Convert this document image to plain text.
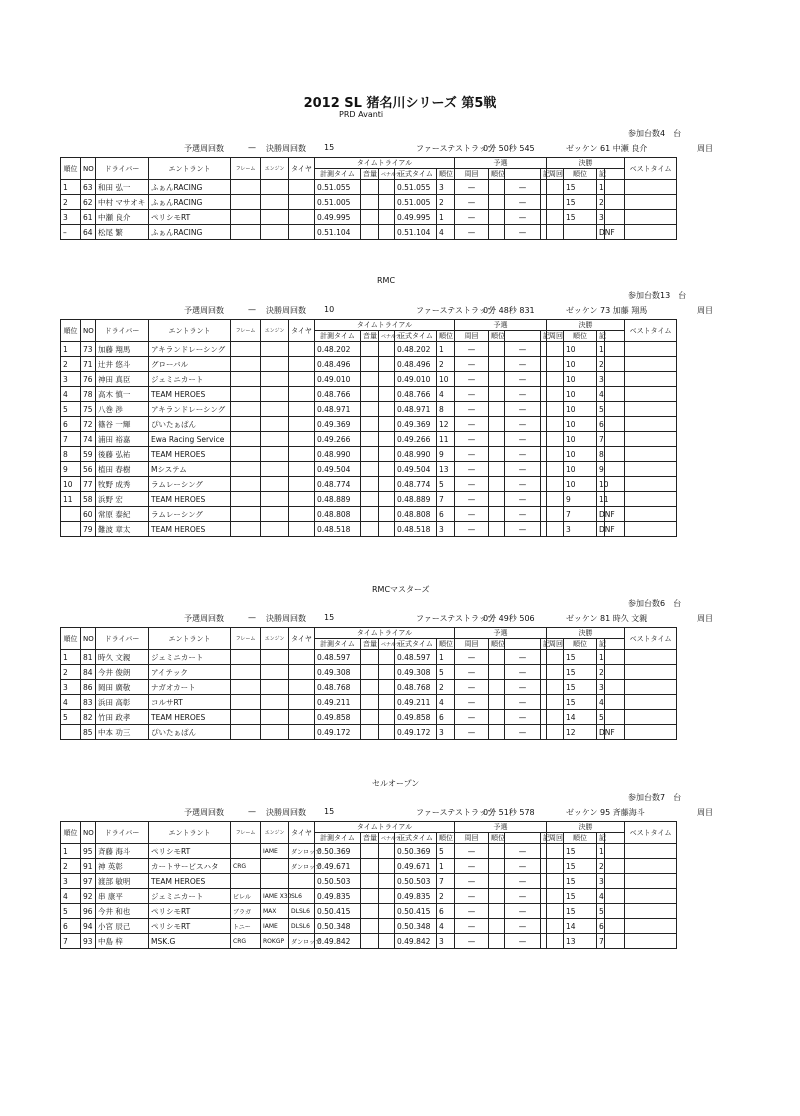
2012 SL 猪名川シリーズ 第5戦
PRD Avanti
参加台数4　台
予選周回数	— 決勝周回数 15	ファーステストラップ
0分 50秒 545	ゼッケン 61 中瀬 良介	周目
順位	NO	ドライバー	エントラント	フレーム	エンジン	タイヤ	タイムトライアル					予選				決勝				ベストタイム
							計測タイム	音量	ペナルティ	正式タイム	順位	周回	順位		記	周回	順位	記		
1	63	和田 弘一	ふぁんRACING				0.51.055			0.51.055	3	—		—			15	1		
2	62	中村 マサオキ	ふぁんRACING				0.51.005			0.51.005	2	—		—			15	2		
3	61	中瀬 良介	ペリシモRT				0.49.995			0.49.995	1	—		—			15	3		
–	64	松尾 繁	ふぁんRACING				0.51.104			0.51.104	4	—		—				DNF		
RMC
参加台数13　台
予選周回数	— 決勝周回数 10	ファーステストラップ
0分 48秒 831	ゼッケン 73 加藤 翔馬	周目
順位	NO	ドライバー	エントラント	フレーム	エンジン	タイヤ	タイムトライアル					予選				決勝				ベストタイム
							計測タイム	音量	ペナルティ	正式タイム	順位	周回	順位		記	周回	順位	記		
1	73	加藤 翔馬	アキランドレーシング				0.48.202			0.48.202	1	—		—			10	1		
2	71	辻井 悠斗	グローバル				0.48.496			0.48.496	2	—		—			10	2		
3	76	神田 真臣	ジェミニカート				0.49.010			0.49.010	10	—		—			10	3		
4	78	高木 慎一	TEAM HEROES				0.48.766			0.48.766	4	—		—			10	4		
5	75	八巻 渉	アキランドレーシング				0.48.971			0.48.971	8	—		—			10	5		
6	72	篠谷 一輝	ぴいたぁぱん				0.49.369			0.49.369	12	—		—			10	6		
7	74	浦田 裕嘉	Ewa Racing Service				0.49.266			0.49.266	11	—		—			10	7		
8	59	後藤 弘祐	TEAM HEROES				0.48.990			0.48.990	9	—		—			10	8		
9	56	植田 春樹	Mシステム				0.49.504			0.49.504	13	—		—			10	9		
10	77	牧野 成秀	ラムレーシング				0.48.774			0.48.774	5	—		—			10	10		
11	58	浜野 宏	TEAM HEROES				0.48.889			0.48.889	7	—		—			9	11		
	60	常原 泰紀	ラムレーシング				0.48.808			0.48.808	6	—		—			7	DNF		
	79	難波 章太	TEAM HEROES				0.48.518			0.48.518	3	—		—			3	DNF		
RMCマスターズ
参加台数6　台
予選周回数	— 決勝周回数 15	ファーステストラップ
0分 49秒 506	ゼッケン 81 時久 文親	周目
順位	NO	ドライバー	エントラント	フレーム	エンジン	タイヤ	タイムトライアル					予選				決勝				ベストタイム
							計測タイム	音量	ペナルティ	正式タイム	順位	周回	順位		記	周回	順位	記		
1	81	時久 文親	ジェミニカート				0.48.597			0.48.597	1	—		—			15	1		
2	84	今井 俊朗	アイテック				0.49.308			0.49.308	5	—		—			15	2		
3	86	岡田 廣敬	ナガオカート				0.48.768			0.48.768	2	—		—			15	3		
4	83	浜田 高彰	コルサRT				0.49.211			0.49.211	4	—		—			15	4		
5	82	竹田 政孝	TEAM HEROES				0.49.858			0.49.858	6	—		—			14	5		
	85	中本 功三	ぴいたぁぱん				0.49.172			0.49.172	3	—		—			12	DNF		
セルオープン
参加台数7　台
予選周回数	— 決勝周回数 15	ファーステストラップ
0分 51秒 578	ゼッケン 95 斉藤海斗	周目
順位	NO	ドライバー	エントラント	フレーム	エンジン	タイヤ	タイムトライアル					予選				決勝				ベストタイム
							計測タイム	音量	ペナルティ	正式タイム	順位	周回	順位		記	周回	順位	記		
1	95	斉藤 海斗	ペリシモRT		IAME	ダンロップ	0.50.369			0.50.369	5	—		—			15	1		
2	91	神 英彰	カートサービスハタ	CRG		ダンロップ	0.49.671			0.49.671	1	—		—			15	2		
3	97	渡部 敏明	TEAM HEROES				0.50.503			0.50.503	7	—		—			15	3		
4	92	串 康平	ジェミニカート	ビレル	IAME X30	SL6	0.49.835			0.49.835	2	—		—			15	4		
5	96	今井 和也	ペリシモRT	ブラガ	MAX	DLSL6	0.50.415			0.50.415	6	—		—			15	5		
6	94	小宮 辰己	ペリシモRT	トニー	IAME	DLSL6	0.50.348			0.50.348	4	—		—			14	6		
7	93	中島 梓	MSK.G	CRG	ROKGP	ダンロップ	0.49.842			0.49.842	3	—		—			13	7		
